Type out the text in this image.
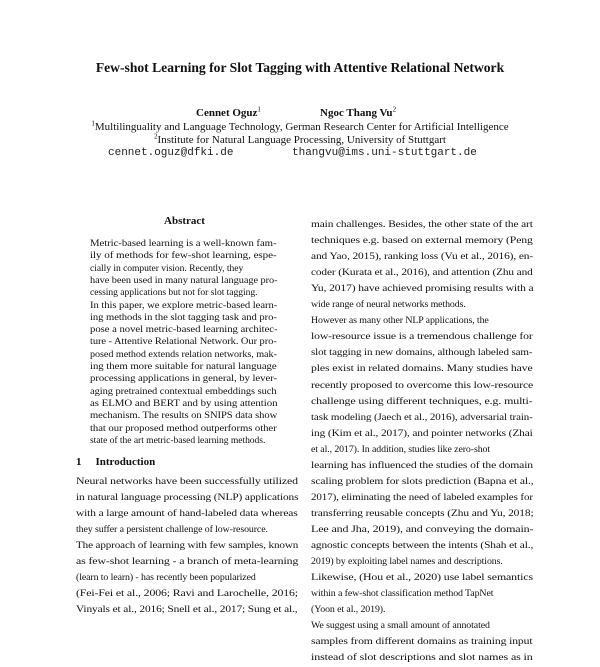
Few-shot Learning for Slot Tagging with Attentive Relational Network
Cennet Oguz$^1$	Ngoc Thang Vu$^2$
$^1$Multilinguality and Language Technology, German Research Center for Artificial Intelligence
$^2$Institute for Natural Language Processing, University of Stuttgart
cennet.oguz@dfki.de	thangvu@ims.uni-stuttgart.de
Abstract
Metric-based learning is a well-known fam-
ily of methods for few-shot learning, espe-
cially in computer vision. Recently, they
have been used in many natural language pro-
cessing applications but not for slot tagging.
In this paper, we explore metric-based learn-
ing methods in the slot tagging task and pro-
pose a novel metric-based learning architec-
ture - Attentive Relational Network. Our pro-
posed method extends relation networks, mak-
ing them more suitable for natural language
processing applications in general, by lever-
aging pretrained contextual embeddings such
as ELMO and BERT and by using attention
mechanism. The results on SNIPS data show
that our proposed method outperforms other
state of the art metric-based learning methods.
1 Introduction
Neural networks have been successfully utilized
in natural language processing (NLP) applications
with a large amount of hand-labeled data whereas
they suffer a persistent challenge of low-resource.
The approach of learning with few samples, known
as few-shot learning - a branch of meta-learning
(learn to learn) - has recently been popularized
(Fei-Fei et al., 2006; Ravi and Larochelle, 2016;
Vinyals et al., 2016; Snell et al., 2017; Sung et al.,
main challenges. Besides, the other state of the art
techniques e.g. based on external memory (Peng
and Yao, 2015), ranking loss (Vu et al., 2016), en-
coder (Kurata et al., 2016), and attention (Zhu and
Yu, 2017) have achieved promising results with a
wide range of neural networks methods.
However as many other NLP applications, the
low-resource issue is a tremendous challenge for
slot tagging in new domains, although labeled sam-
ples exist in related domains. Many studies have
recently proposed to overcome this low-resource
challenge using different techniques, e.g. multi-
task modeling (Jaech et al., 2016), adversarial train-
ing (Kim et al., 2017), and pointer networks (Zhai
et al., 2017). In addition, studies like zero-shot
learning has influenced the studies of the domain
scaling problem for slots prediction (Bapna et al.,
2017), eliminating the need of labeled examples for
transferring reusable concepts (Zhu and Yu, 2018;
Lee and Jha, 2019), and conveying the domain-
agnostic concepts between the intents (Shah et al.,
2019) by exploiting label names and descriptions.
Likewise, (Hou et al., 2020) use label semantics
within a few-shot classification method TapNet
(Yoon et al., 2019).
We suggest using a small amount of annotated
samples from different domains as training input
instead of slot descriptions and slot names as in
